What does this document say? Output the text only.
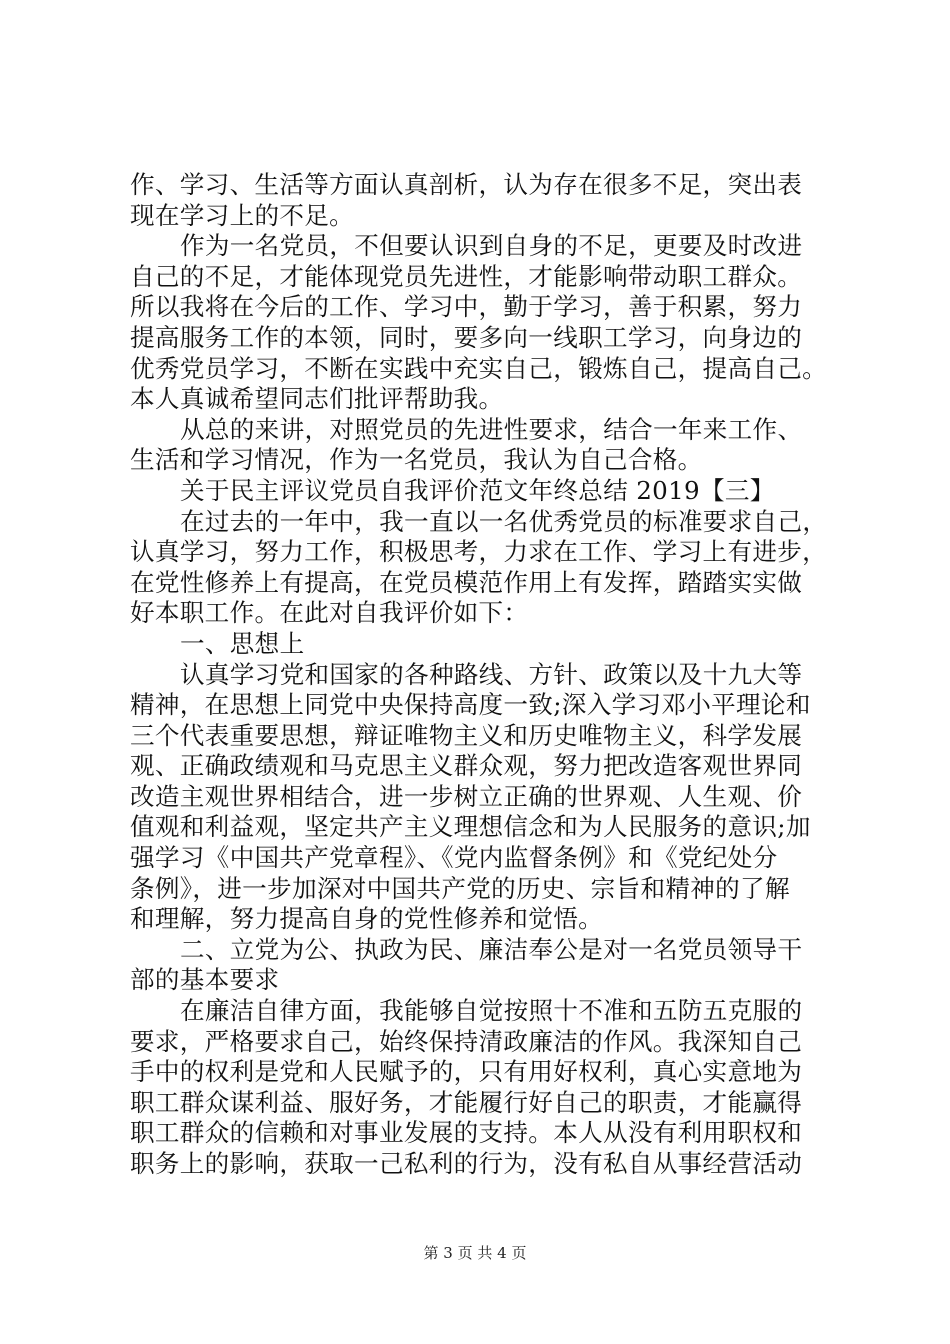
作、学习、生活等方面认真剖析，认为存在很多不足，突出表
现在学习上的不足。
作为一名党员，不但要认识到自身的不足，更要及时改进
自己的不足，才能体现党员先进性，才能影响带动职工群众。
所以我将在今后的工作、学习中，勤于学习，善于积累，努力
提高服务工作的本领，同时，要多向一线职工学习，向身边的
优秀党员学习，不断在实践中充实自己，锻炼自己，提高自己。
本人真诚希望同志们批评帮助我。
从总的来讲，对照党员的先进性要求，结合一年来工作、
生活和学习情况，作为一名党员，我认为自己合格。
关于民主评议党员自我评价范文年终总结 2019【三】
在过去的一年中，我一直以一名优秀党员的标准要求自己，
认真学习，努力工作，积极思考，力求在工作、学习上有进步，
在党性修养上有提高，在党员模范作用上有发挥，踏踏实实做
好本职工作。在此对自我评价如下：
一、思想上
认真学习党和国家的各种路线、方针、政策以及十九大等
精神，在思想上同党中央保持高度一致;深入学习邓小平理论和
三个代表重要思想，辩证唯物主义和历史唯物主义，科学发展
观、正确政绩观和马克思主义群众观，努力把改造客观世界同
改造主观世界相结合，进一步树立正确的世界观、人生观、价
值观和利益观，坚定共产主义理想信念和为人民服务的意识;加
强学习《中国共产党章程》、《党内监督条例》和《党纪处分
条例》，进一步加深对中国共产党的历史、宗旨和精神的了解
和理解，努力提高自身的党性修养和觉悟。
二、立党为公、执政为民、廉洁奉公是对一名党员领导干
部的基本要求
在廉洁自律方面，我能够自觉按照十不准和五防五克服的
要求，严格要求自己，始终保持清政廉洁的作风。我深知自己
手中的权利是党和人民赋予的，只有用好权利，真心实意地为
职工群众谋利益、服好务，才能履行好自己的职责，才能赢得
职工群众的信赖和对事业发展的支持。本人从没有利用职权和
职务上的影响，获取一己私利的行为，没有私自从事经营活动
第 3 页 共 4 页
